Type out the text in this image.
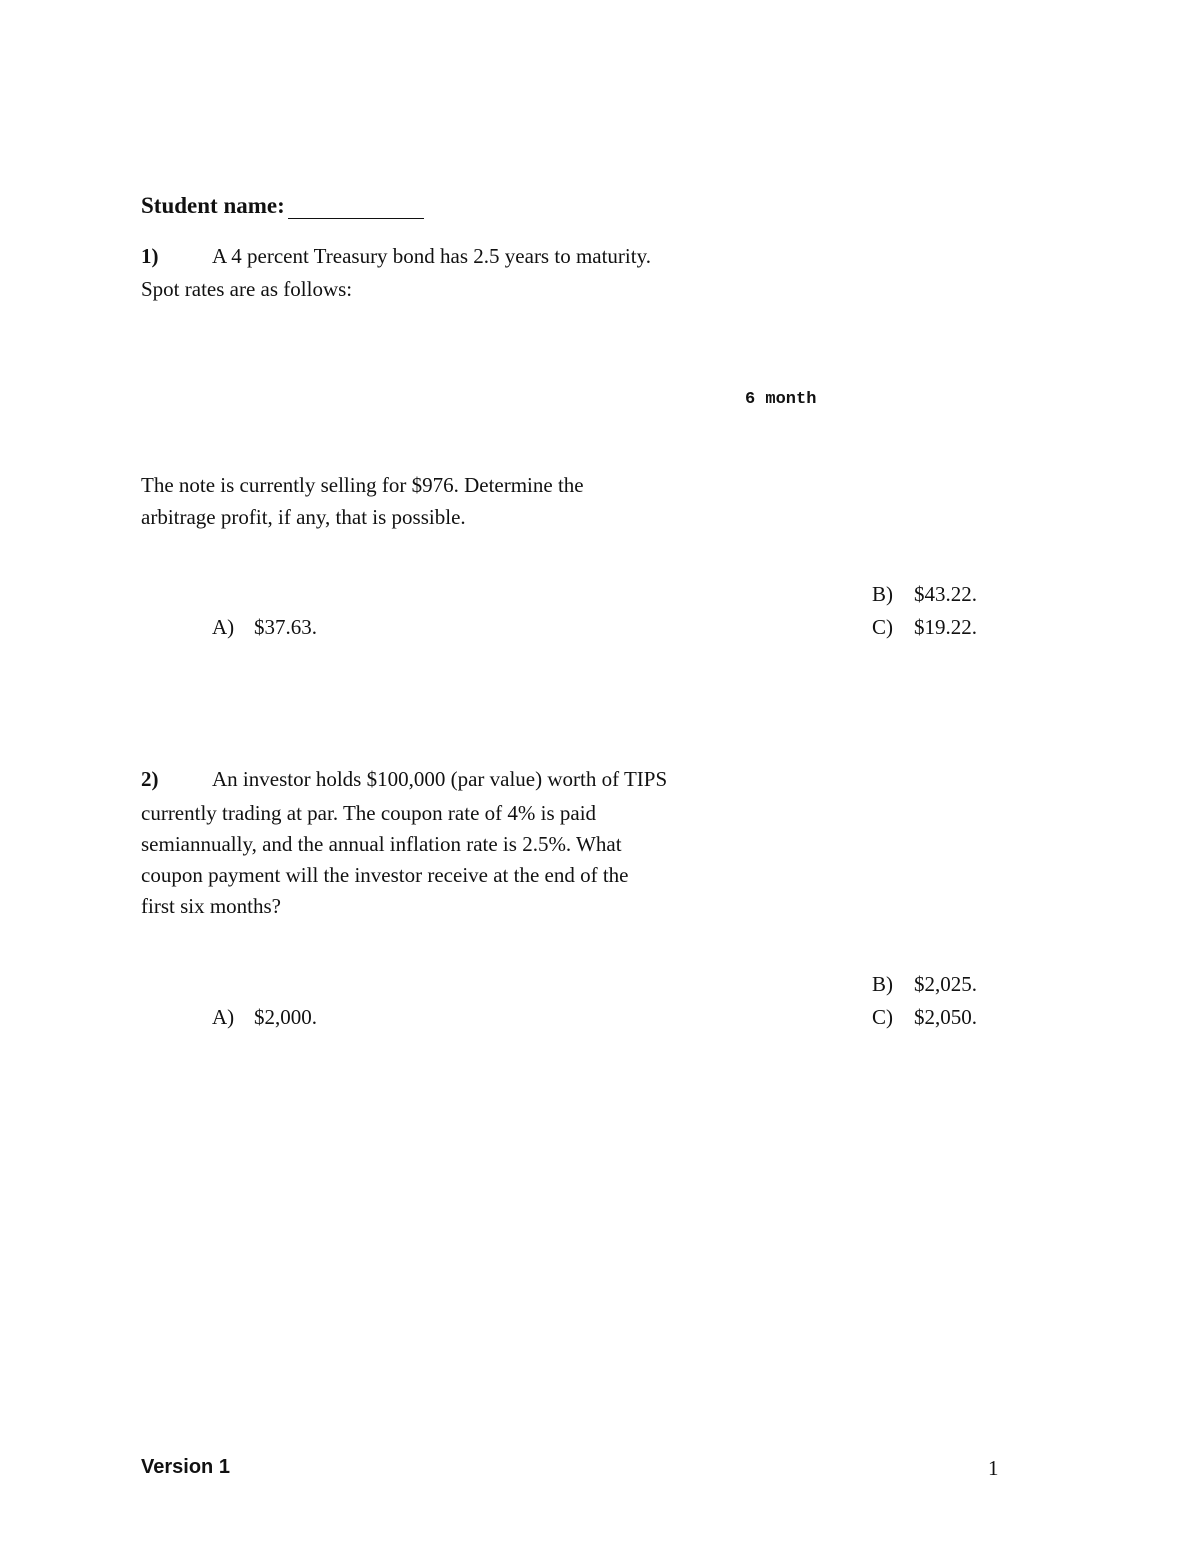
Student name:
1)	A 4 percent Treasury bond has 2.5 years to maturity.
Spot rates are as follows:
6 month
The note is currently selling for $976. Determine the
arbitrage profit, if any, that is possible.
B)	$43.22.
A) $37.63.	C)	$19.22.
2)	An investor holds $100,000 (par value) worth of TIPS
currently trading at par. The coupon rate of 4% is paid
semiannually, and the annual inflation rate is 2.5%. What
coupon payment will the investor receive at the end of the
first six months?
B)	$2,025.
A) $2,000.	C)	$2,050.
Version 1	1
